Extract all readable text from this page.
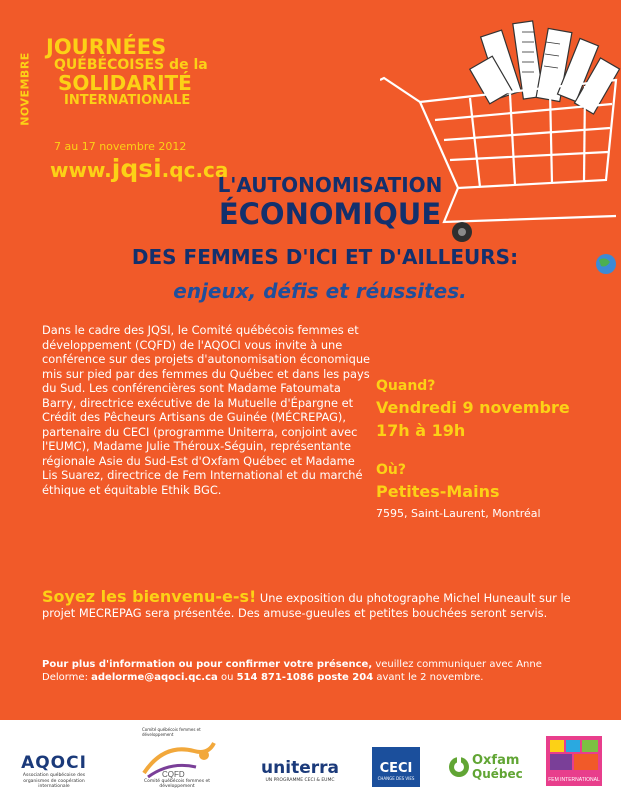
NOVEMBRE
JOURNÉES
QUÉBÉCOISES de la
SOLIDARITÉ
INTERNATIONALE
7 au 17 novembre 2012
www.jqsi.qc.ca
L'AUTONOMISATION
ÉCONOMIQUE
DES FEMMES D'ICI ET D'AILLEURS:
enjeux, défis et réussites.

Dans le cadre des JQSI, le Comité québécois femmes et développement (CQFD) de l'AQOCI vous invite à une conférence sur des projets d'autonomisation économique mis sur pied par des femmes du Québec et dans les pays du Sud. Les conférencières sont Madame Fatoumata Barry, directrice exécutive de la Mutuelle d'Épargne et Crédit des Pêcheurs Artisans de Guinée (MÉCREPAG), partenaire du CECI (programme Uniterra, conjoint avec l'EUMC), Madame Julie Théroux-Séguin, représentante régionale Asie du Sud-Est d'Oxfam Québec et Madame Lis Suarez, directrice de Fem International et du marché éthique et équitable Ethik BGC.

Quand?
Vendredi 9 novembre
17h à 19h
Où?
Petites-Mains
7595, Saint-Laurent, Montréal

Soyez les bienvenu-e-s! Une exposition du photographe Michel Huneault sur le projet MECREPAG sera présentée. Des amuse-gueules et petites bouchées seront servis.

Pour plus d'information ou pour confirmer votre présence, veuillez communiquer avec Anne Delorme: adelorme@aqoci.qc.ca ou 514 871-1086 poste 204 avant le 2 novembre.

AQOCI
Association québécoise des organismes de coopération internationale
Comité québécois femmes et développement
CQFD
Comité québécois femmes et développement
uniterra
UN PROGRAMME CECI & EUMC
CECI
CHANGE DES VIES
Oxfam
Québec	FEM INTERNATIONAL
